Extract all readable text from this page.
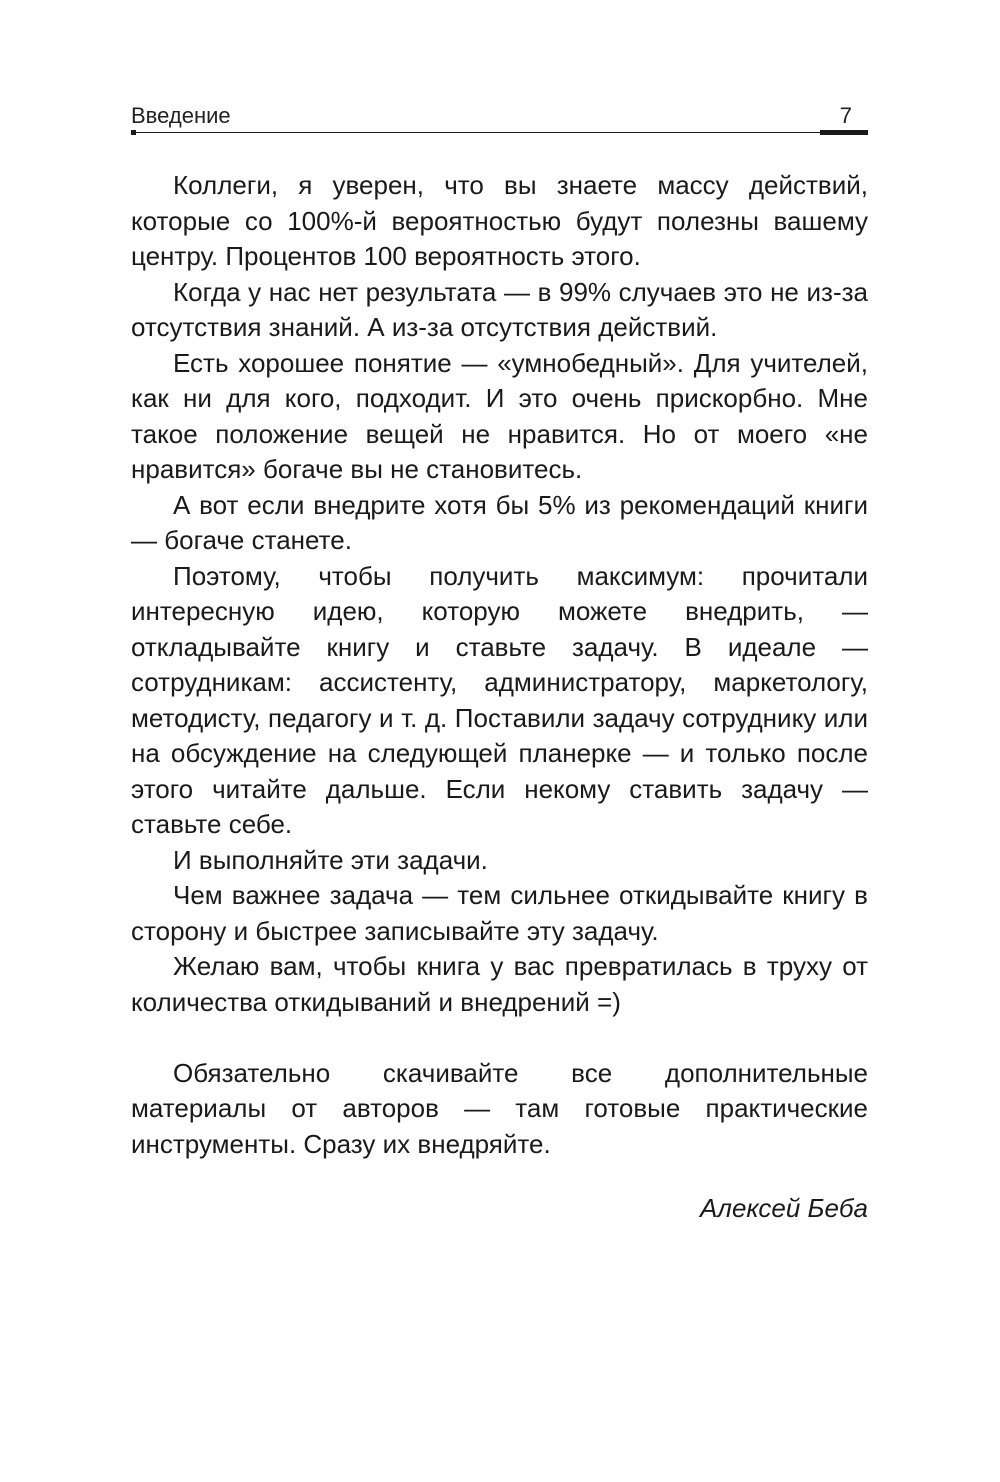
Введение	7

Коллеги, я уверен, что вы знаете массу действий, которые со 100%-й вероятностью будут полезны вашему центру. Процентов 100 вероятность этого.

Когда у нас нет результата — в 99% случаев это не из-за отсутствия знаний. А из-за отсутствия действий.

Есть хорошее понятие — «умнобедный». Для учителей, как ни для кого, подходит. И это очень прискорбно. Мне такое положение вещей не нравится. Но от моего «не нравится» богаче вы не становитесь.

А вот если внедрите хотя бы 5% из рекомендаций книги — богаче станете.

Поэтому, чтобы получить максимум: прочитали интересную идею, которую можете внедрить, — откладывайте книгу и ставьте задачу. В идеале — сотрудникам: ассистенту, администратору, маркетологу, методисту, педагогу и т. д. Поставили задачу сотруднику или на обсуждение на следующей планерке — и только после этого читайте дальше. Если некому ставить задачу — ставьте себе.

И выполняйте эти задачи.

Чем важнее задача — тем сильнее откидывайте книгу в сторону и быстрее записывайте эту задачу.

Желаю вам, чтобы книга у вас превратилась в труху от количества откидываний и внедрений =)

Обязательно скачивайте все дополнительные материалы от авторов — там готовые практические инструменты. Сразу их внедряйте.

Алексей Беба
